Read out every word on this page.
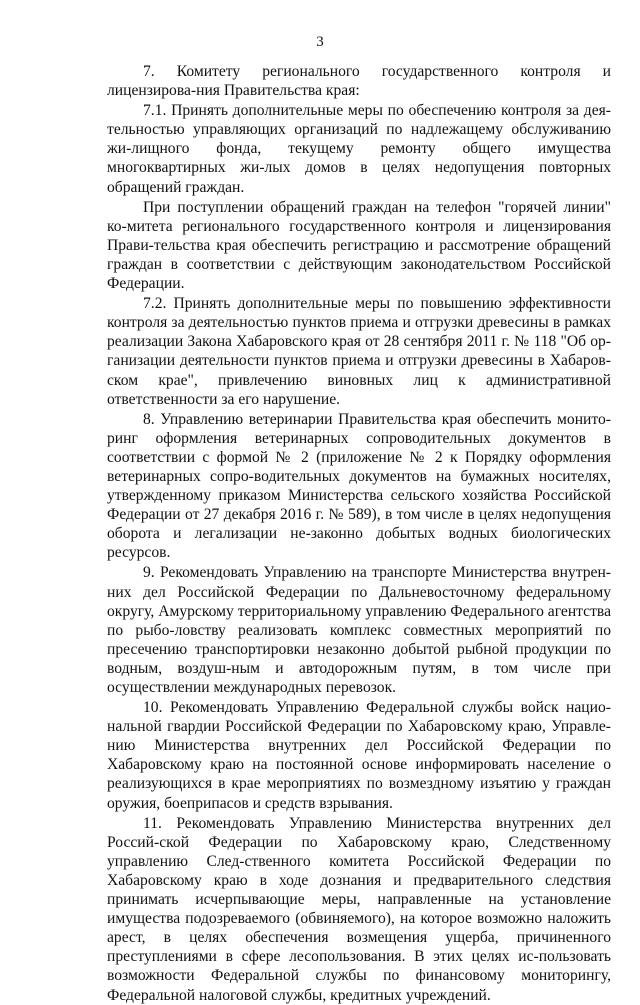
3

7. Комитету регионального государственного контроля и лицензирова-ния Правительства края:

7.1. Принять дополнительные меры по обеспечению контроля за дея-тельностью управляющих организаций по надлежащему обслуживанию жи-лищного фонда, текущему ремонту общего имущества многоквартирных жи-лых домов в целях недопущения повторных обращений граждан.

При поступлении обращений граждан на телефон "горячей линии" ко-митета регионального государственного контроля и лицензирования Прави-тельства края обеспечить регистрацию и рассмотрение обращений граждан в соответствии с действующим законодательством Российской Федерации.

7.2. Принять дополнительные меры по повышению эффективности контроля за деятельностью пунктов приема и отгрузки древесины в рамках реализации Закона Хабаровского края от 28 сентября 2011 г. № 118 "Об ор-ганизации деятельности пунктов приема и отгрузки древесины в Хабаров-ском крае", привлечению виновных лиц к административной ответственности за его нарушение.

8. Управлению ветеринарии Правительства края обеспечить монито-ринг оформления ветеринарных сопроводительных документов в соответствии с формой № 2 (приложение № 2 к Порядку оформления ветеринарных сопро-водительных документов на бумажных носителях, утвержденному приказом Министерства сельского хозяйства Российской Федерации от 27 декабря 2016 г. № 589), в том числе в целях недопущения оборота и легализации не-законно добытых водных биологических ресурсов.

9. Рекомендовать Управлению на транспорте Министерства внутрен-них дел Российской Федерации по Дальневосточному федеральному округу, Амурскому территориальному управлению Федерального агентства по рыбо-ловству реализовать комплекс совместных мероприятий по пресечению транспортировки незаконно добытой рыбной продукции по водным, воздуш-ным и автодорожным путям, в том числе при осуществлении международных перевозок.

10. Рекомендовать Управлению Федеральной службы войск нацио-нальной гвардии Российской Федерации по Хабаровскому краю, Управле-нию Министерства внутренних дел Российской Федерации по Хабаровскому краю на постоянной основе информировать население о реализующихся в крае мероприятиях по возмездному изъятию у граждан оружия, боеприпасов и средств взрывания.

11. Рекомендовать Управлению Министерства внутренних дел Россий-ской Федерации по Хабаровскому краю, Следственному управлению След-ственного комитета Российской Федерации по Хабаровскому краю в ходе дознания и предварительного следствия принимать исчерпывающие меры, направленные на установление имущества подозреваемого (обвиняемого), на которое возможно наложить арест, в целях обеспечения возмещения ущерба, причиненного преступлениями в сфере лесопользования. В этих целях ис-пользовать возможности Федеральной службы по финансовому мониторингу, Федеральной налоговой службы, кредитных учреждений.
